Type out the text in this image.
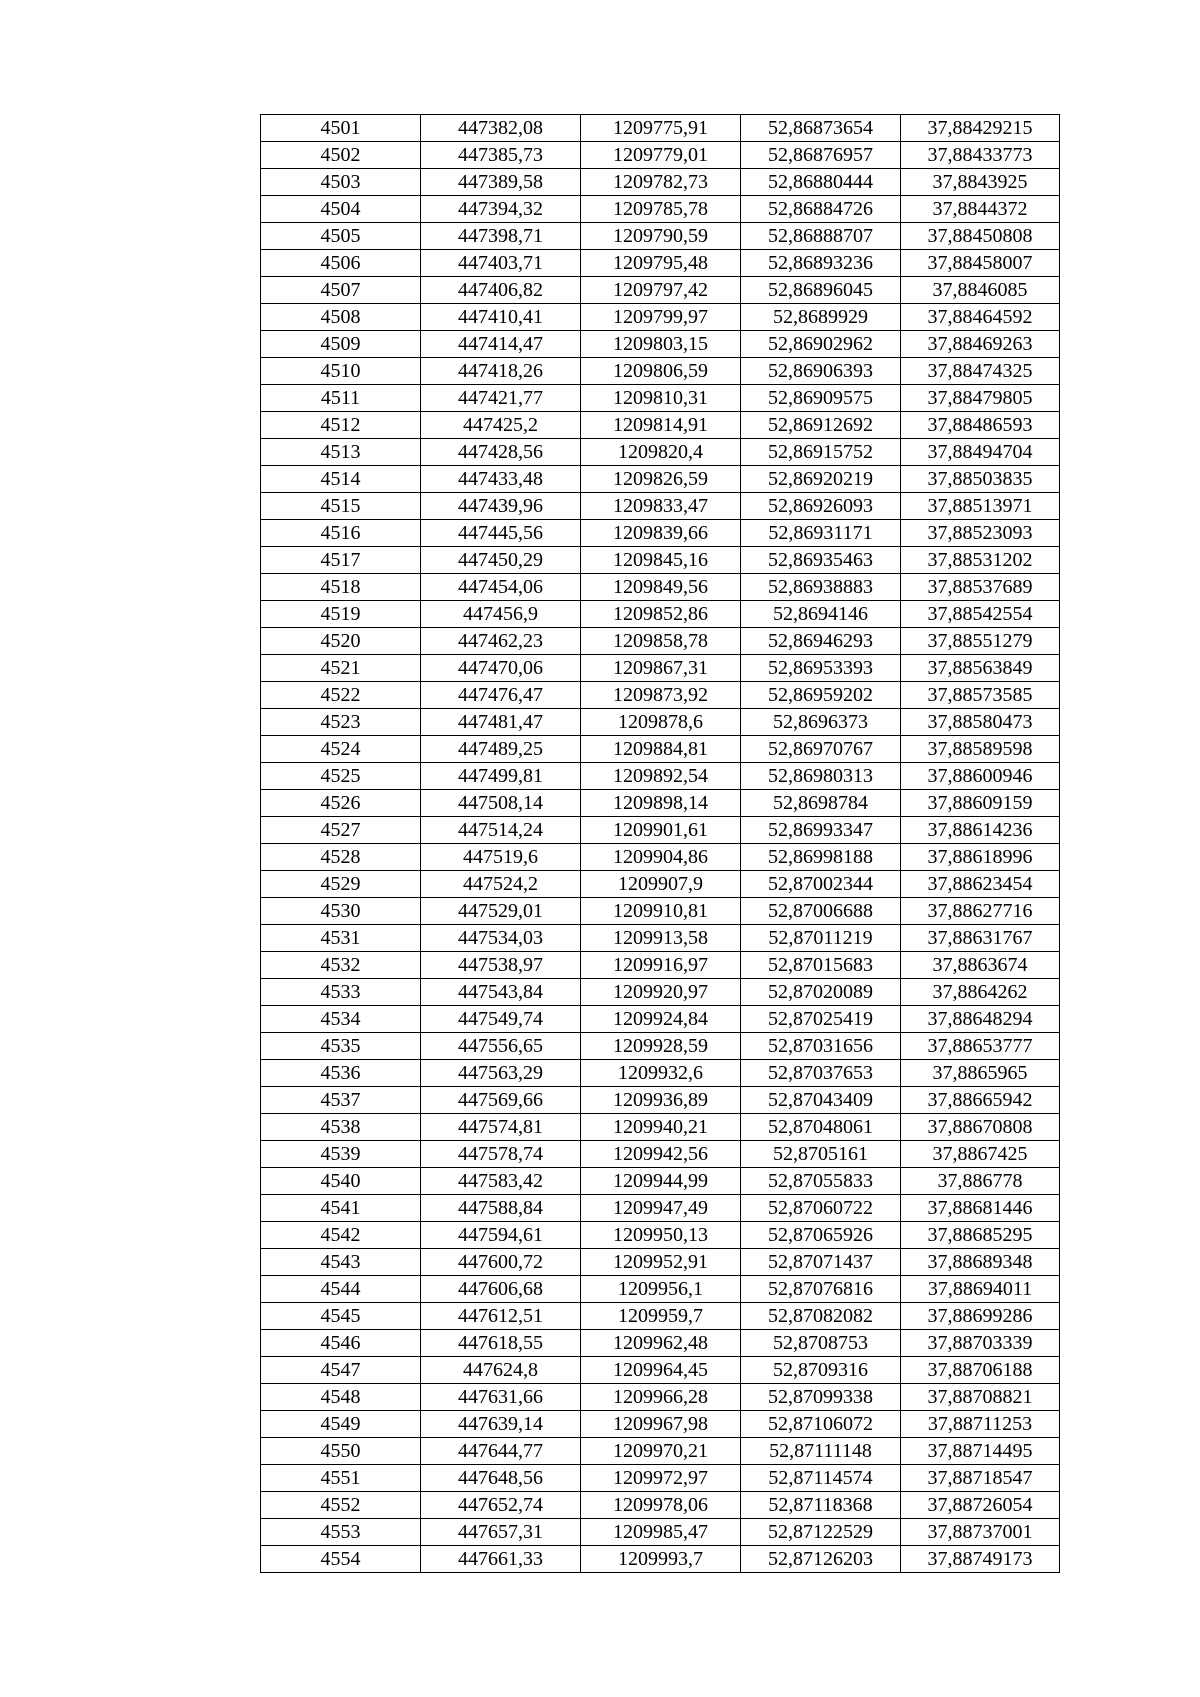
4501	447382,08	1209775,91	52,86873654	37,88429215
4502	447385,73	1209779,01	52,86876957	37,88433773
4503	447389,58	1209782,73	52,86880444	37,8843925
4504	447394,32	1209785,78	52,86884726	37,8844372
4505	447398,71	1209790,59	52,86888707	37,88450808
4506	447403,71	1209795,48	52,86893236	37,88458007
4507	447406,82	1209797,42	52,86896045	37,8846085
4508	447410,41	1209799,97	52,8689929	37,88464592
4509	447414,47	1209803,15	52,86902962	37,88469263
4510	447418,26	1209806,59	52,86906393	37,88474325
4511	447421,77	1209810,31	52,86909575	37,88479805
4512	447425,2	1209814,91	52,86912692	37,88486593
4513	447428,56	1209820,4	52,86915752	37,88494704
4514	447433,48	1209826,59	52,86920219	37,88503835
4515	447439,96	1209833,47	52,86926093	37,88513971
4516	447445,56	1209839,66	52,86931171	37,88523093
4517	447450,29	1209845,16	52,86935463	37,88531202
4518	447454,06	1209849,56	52,86938883	37,88537689
4519	447456,9	1209852,86	52,8694146	37,88542554
4520	447462,23	1209858,78	52,86946293	37,88551279
4521	447470,06	1209867,31	52,86953393	37,88563849
4522	447476,47	1209873,92	52,86959202	37,88573585
4523	447481,47	1209878,6	52,8696373	37,88580473
4524	447489,25	1209884,81	52,86970767	37,88589598
4525	447499,81	1209892,54	52,86980313	37,88600946
4526	447508,14	1209898,14	52,8698784	37,88609159
4527	447514,24	1209901,61	52,86993347	37,88614236
4528	447519,6	1209904,86	52,86998188	37,88618996
4529	447524,2	1209907,9	52,87002344	37,88623454
4530	447529,01	1209910,81	52,87006688	37,88627716
4531	447534,03	1209913,58	52,87011219	37,88631767
4532	447538,97	1209916,97	52,87015683	37,8863674
4533	447543,84	1209920,97	52,87020089	37,8864262
4534	447549,74	1209924,84	52,87025419	37,88648294
4535	447556,65	1209928,59	52,87031656	37,88653777
4536	447563,29	1209932,6	52,87037653	37,8865965
4537	447569,66	1209936,89	52,87043409	37,88665942
4538	447574,81	1209940,21	52,87048061	37,88670808
4539	447578,74	1209942,56	52,8705161	37,8867425
4540	447583,42	1209944,99	52,87055833	37,886778
4541	447588,84	1209947,49	52,87060722	37,88681446
4542	447594,61	1209950,13	52,87065926	37,88685295
4543	447600,72	1209952,91	52,87071437	37,88689348
4544	447606,68	1209956,1	52,87076816	37,88694011
4545	447612,51	1209959,7	52,87082082	37,88699286
4546	447618,55	1209962,48	52,8708753	37,88703339
4547	447624,8	1209964,45	52,8709316	37,88706188
4548	447631,66	1209966,28	52,87099338	37,88708821
4549	447639,14	1209967,98	52,87106072	37,88711253
4550	447644,77	1209970,21	52,87111148	37,88714495
4551	447648,56	1209972,97	52,87114574	37,88718547
4552	447652,74	1209978,06	52,87118368	37,88726054
4553	447657,31	1209985,47	52,87122529	37,88737001
4554	447661,33	1209993,7	52,87126203	37,88749173
